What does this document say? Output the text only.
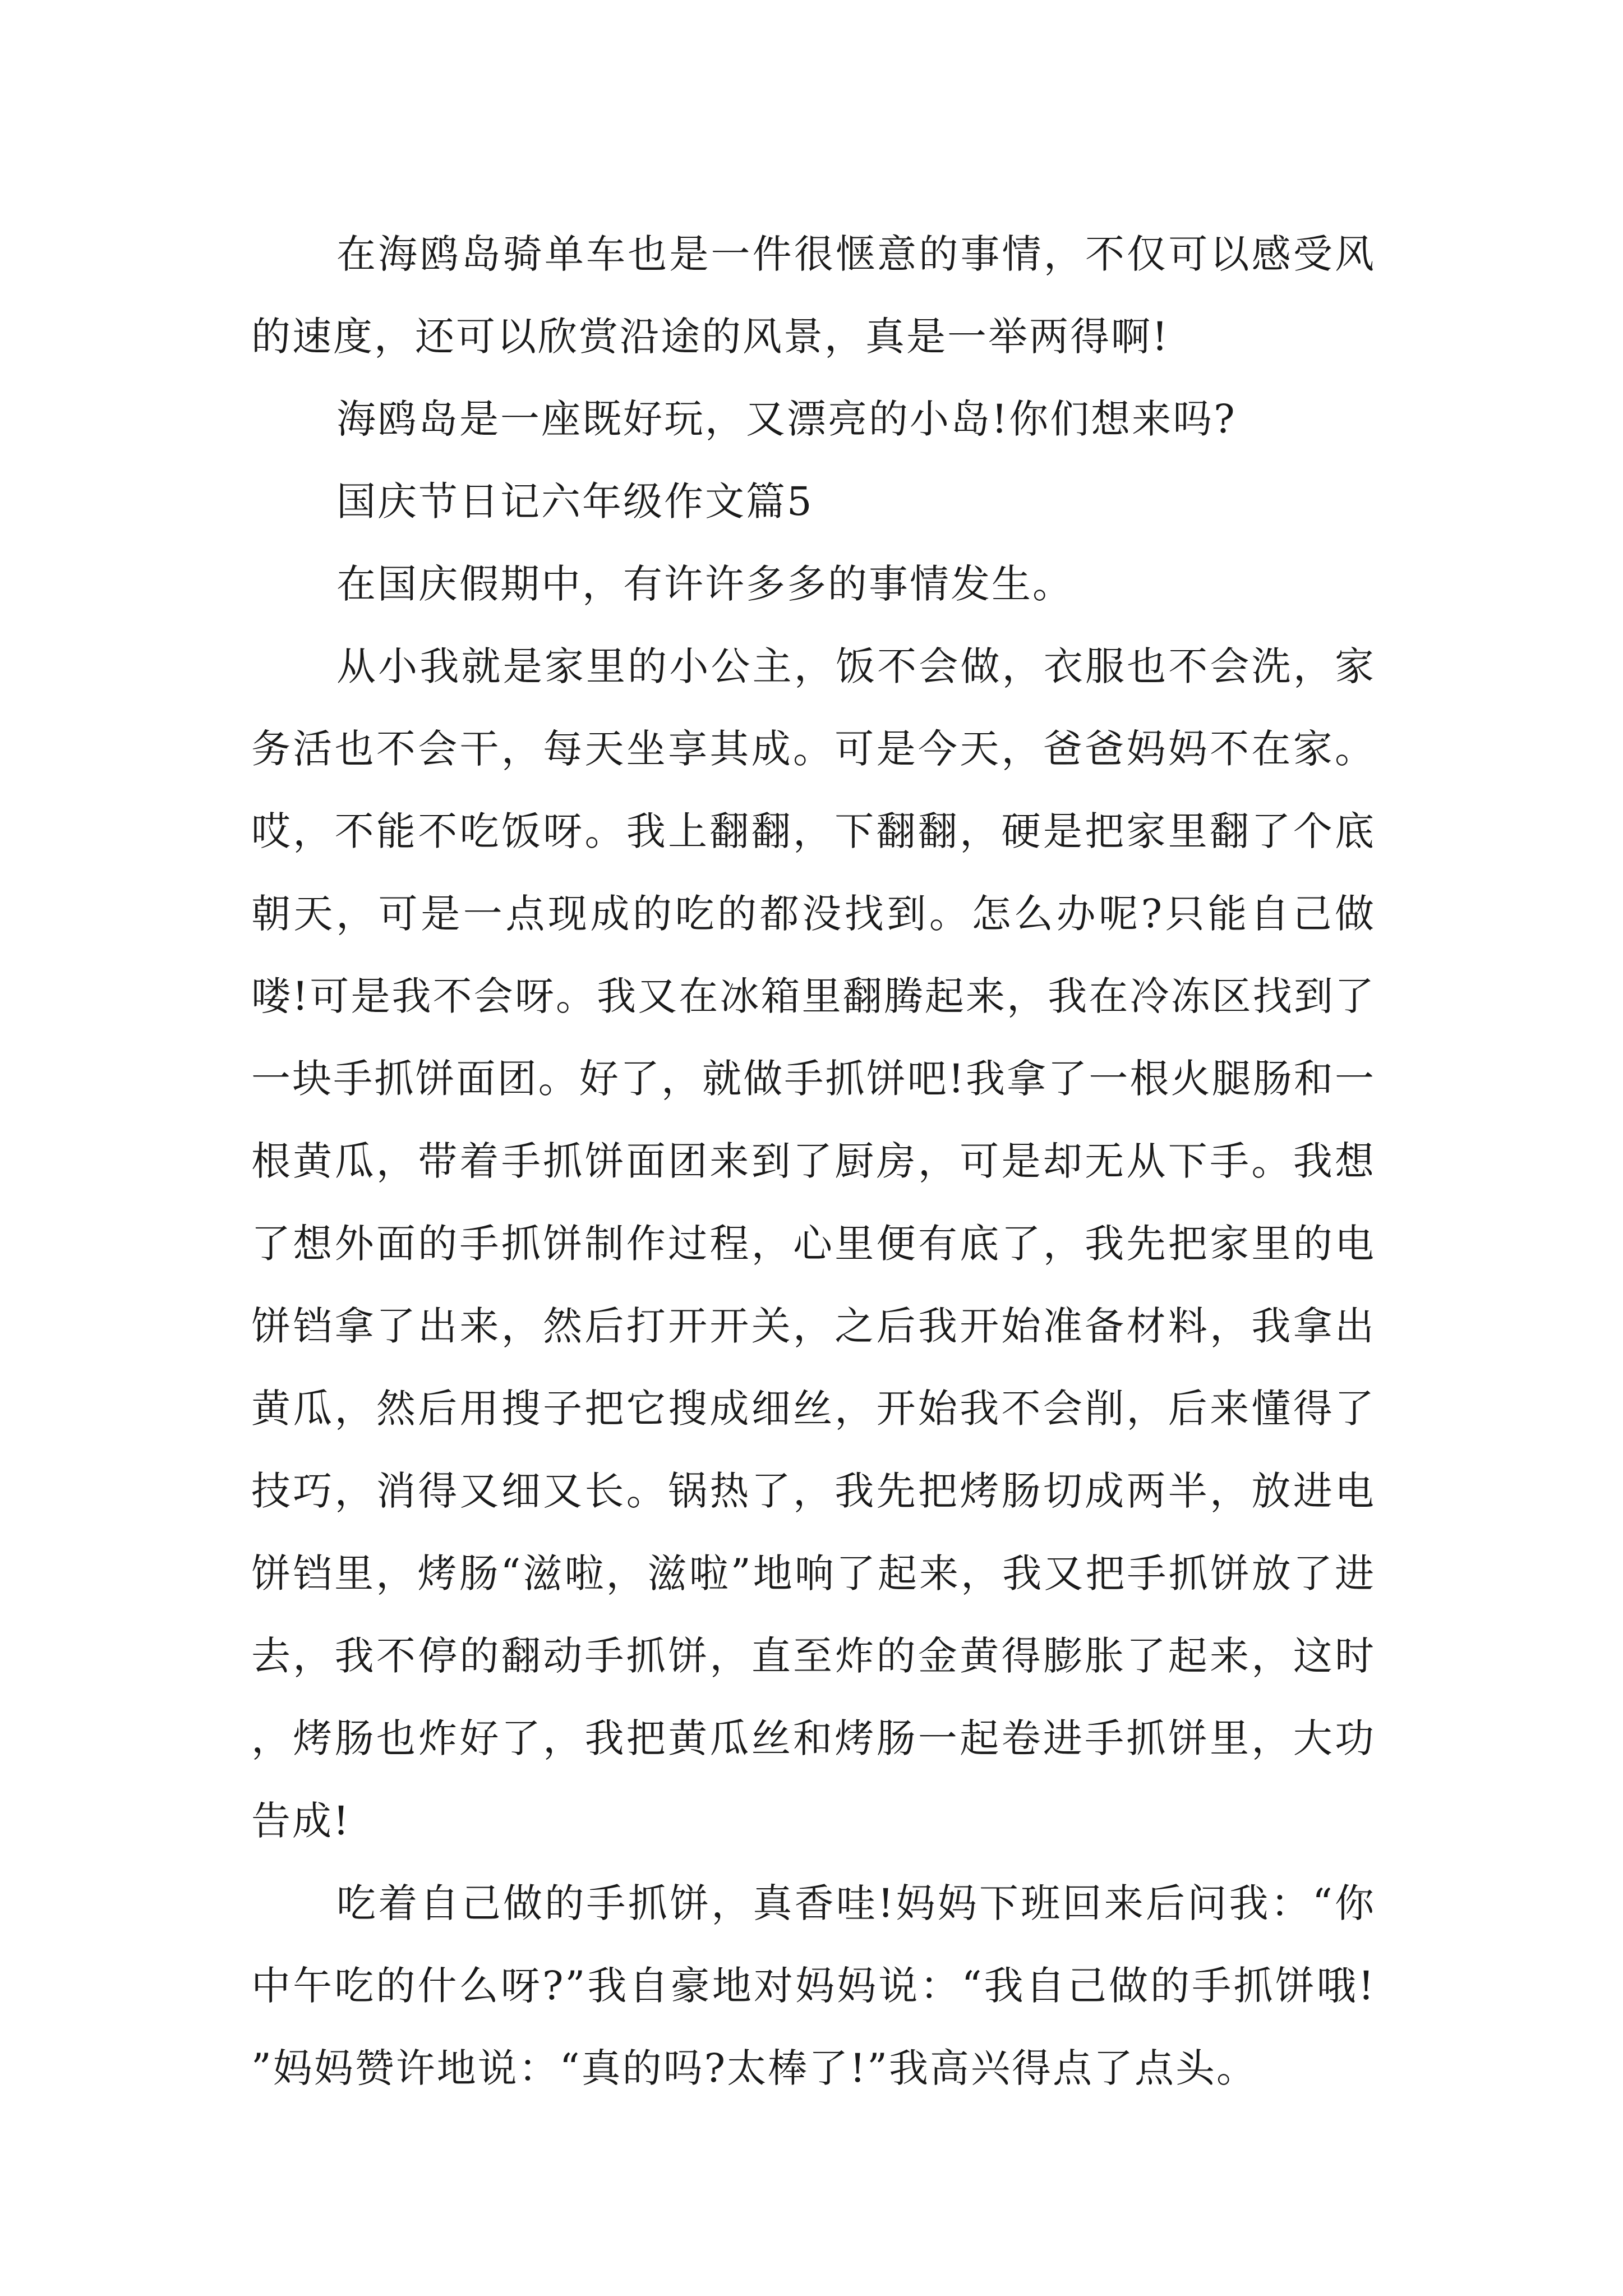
在海鸥岛骑单车也是一件很惬意的事情，不仅可以感受风的速度，还可以欣赏沿途的风景，真是一举两得啊!

海鸥岛是一座既好玩，又漂亮的小岛!你们想来吗?

国庆节日记六年级作文篇5

在国庆假期中，有许许多多的事情发生。

从小我就是家里的小公主，饭不会做，衣服也不会洗，家务活也不会干，每天坐享其成。可是今天，爸爸妈妈不在家。哎，不能不吃饭呀。我上翻翻，下翻翻，硬是把家里翻了个底朝天，可是一点现成的吃的都没找到。怎么办呢?只能自己做喽!可是我不会呀。我又在冰箱里翻腾起来，我在冷冻区找到了一块手抓饼面团。好了，就做手抓饼吧!我拿了一根火腿肠和一根黄瓜，带着手抓饼面团来到了厨房，可是却无从下手。我想了想外面的手抓饼制作过程，心里便有底了，我先把家里的电饼铛拿了出来，然后打开开关，之后我开始准备材料，我拿出黄瓜，然后用搜子把它搜成细丝，开始我不会削，后来懂得了技巧，消得又细又长。锅热了，我先把烤肠切成两半，放进电饼铛里，烤肠“滋啦，滋啦”地响了起来，我又把手抓饼放了进去，我不停的翻动手抓饼，直至炸的金黄得膨胀了起来，这时，烤肠也炸好了，我把黄瓜丝和烤肠一起卷进手抓饼里，大功告成!

吃着自己做的手抓饼，真香哇!妈妈下班回来后问我：“你中午吃的什么呀?”我自豪地对妈妈说：“我自己做的手抓饼哦!”妈妈赞许地说：“真的吗?太棒了!”我高兴得点了点头。
